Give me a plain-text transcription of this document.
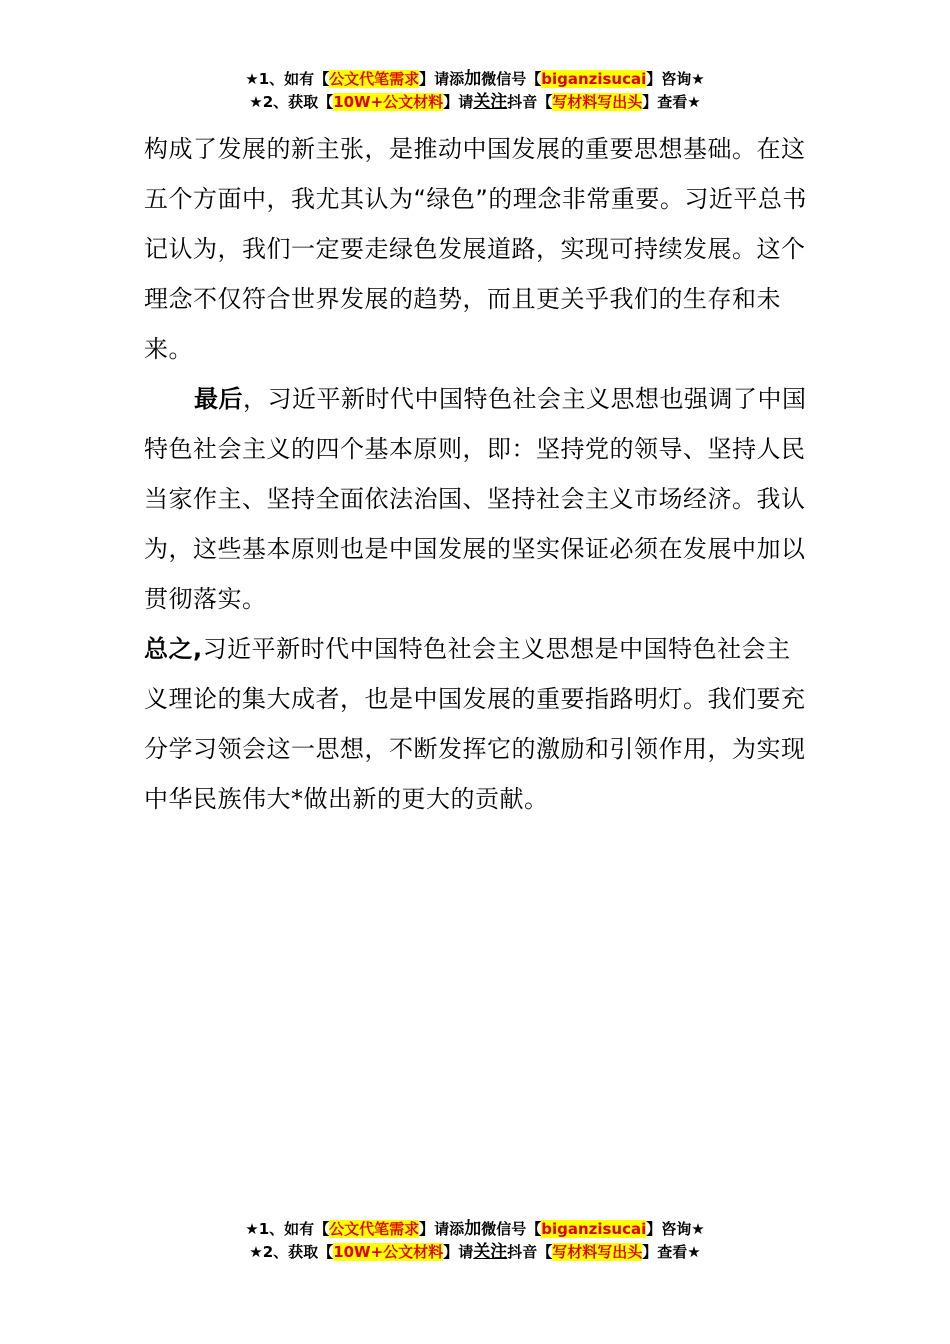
★1、如有【公文代笔需求】请添加微信号【biganzisucai】咨询★
★2、获取【10W+公文材料】请关注抖音【写材料写出头】查看★

构成了发展的新主张，是推动中国发展的重要思想基础。在这五个方面中，我尤其认为“绿色”的理念非常重要。习近平总书记认为，我们一定要走绿色发展道路，实现可持续发展。这个理念不仅符合世界发展的趋势，而且更关乎我们的生存和未来。

最后，习近平新时代中国特色社会主义思想也强调了中国特色社会主义的四个基本原则，即：坚持党的领导、坚持人民当家作主、坚持全面依法治国、坚持社会主义市场经济。我认为，这些基本原则也是中国发展的坚实保证必须在发展中加以贯彻落实。

总之,习近平新时代中国特色社会主义思想是中国特色社会主义理论的集大成者，也是中国发展的重要指路明灯。我们要充分学习领会这一思想，不断发挥它的激励和引领作用，为实现中华民族伟大*做出新的更大的贡献。

★1、如有【公文代笔需求】请添加微信号【biganzisucai】咨询★
★2、获取【10W+公文材料】请关注抖音【写材料写出头】查看★
